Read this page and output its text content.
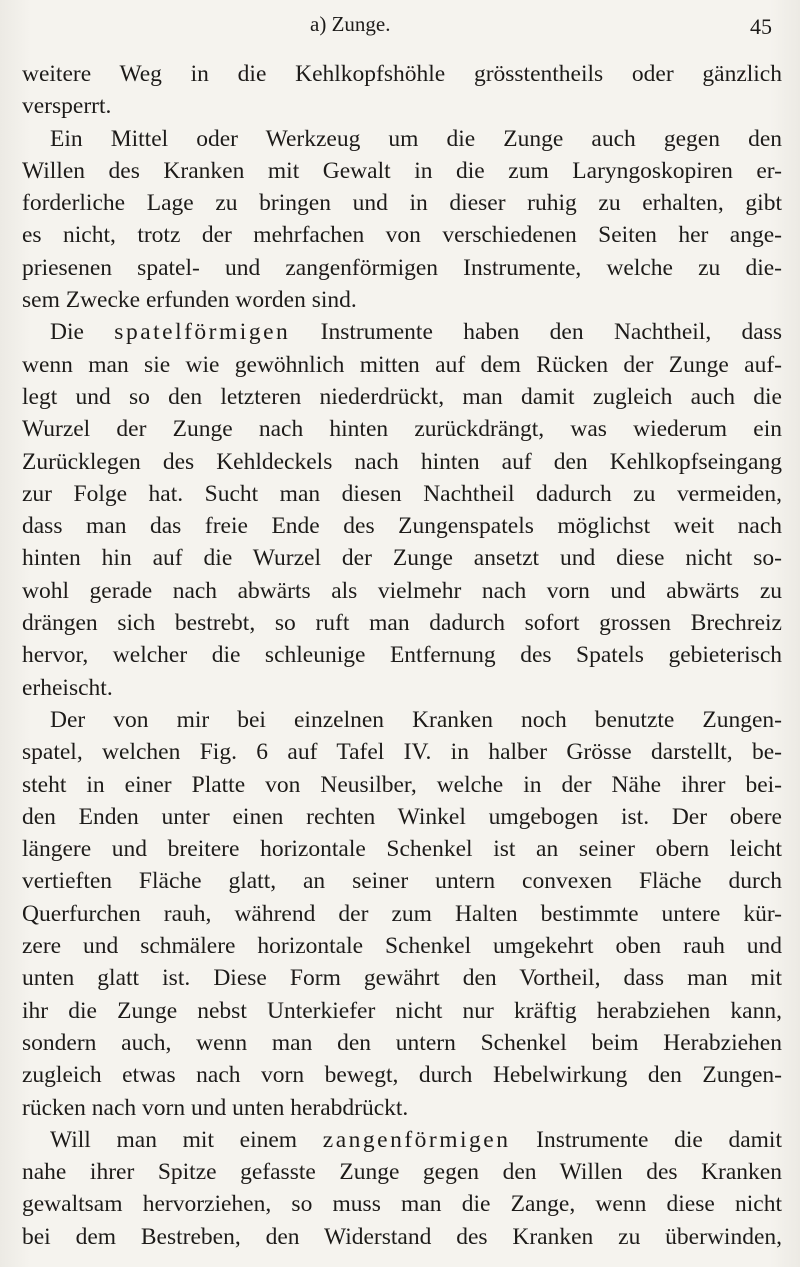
a) Zunge.	45
weitere Weg in die Kehlkopfshöhle grösstentheils oder gänzlich
versperrt.
Ein Mittel oder Werkzeug um die Zunge auch gegen den
Willen des Kranken mit Gewalt in die zum Laryngoskopiren er-
forderliche Lage zu bringen und in dieser ruhig zu erhalten, gibt
es nicht, trotz der mehrfachen von verschiedenen Seiten her ange-
priesenen spatel- und zangenförmigen Instrumente, welche zu die-
sem Zwecke erfunden worden sind.
Die spatelförmigen Instrumente haben den Nachtheil, dass
wenn man sie wie gewöhnlich mitten auf dem Rücken der Zunge auf-
legt und so den letzteren niederdrückt, man damit zugleich auch die
Wurzel der Zunge nach hinten zurückdrängt, was wiederum ein
Zurücklegen des Kehldeckels nach hinten auf den Kehlkopfseingang
zur Folge hat. Sucht man diesen Nachtheil dadurch zu vermeiden,
dass man das freie Ende des Zungenspatels möglichst weit nach
hinten hin auf die Wurzel der Zunge ansetzt und diese nicht so-
wohl gerade nach abwärts als vielmehr nach vorn und abwärts zu
drängen sich bestrebt, so ruft man dadurch sofort grossen Brechreiz
hervor, welcher die schleunige Entfernung des Spatels gebieterisch
erheischt.
Der von mir bei einzelnen Kranken noch benutzte Zungen-
spatel, welchen Fig. 6 auf Tafel IV. in halber Grösse darstellt, be-
steht in einer Platte von Neusilber, welche in der Nähe ihrer bei-
den Enden unter einen rechten Winkel umgebogen ist. Der obere
längere und breitere horizontale Schenkel ist an seiner obern leicht
vertieften Fläche glatt, an seiner untern convexen Fläche durch
Querfurchen rauh, während der zum Halten bestimmte untere kür-
zere und schmälere horizontale Schenkel umgekehrt oben rauh und
unten glatt ist. Diese Form gewährt den Vortheil, dass man mit
ihr die Zunge nebst Unterkiefer nicht nur kräftig herabziehen kann,
sondern auch, wenn man den untern Schenkel beim Herabziehen
zugleich etwas nach vorn bewegt, durch Hebelwirkung den Zungen-
rücken nach vorn und unten herabdrückt.
Will man mit einem zangenförmigen Instrumente die damit
nahe ihrer Spitze gefasste Zunge gegen den Willen des Kranken
gewaltsam hervorziehen, so muss man die Zange, wenn diese nicht
bei dem Bestreben, den Widerstand des Kranken zu überwinden,
